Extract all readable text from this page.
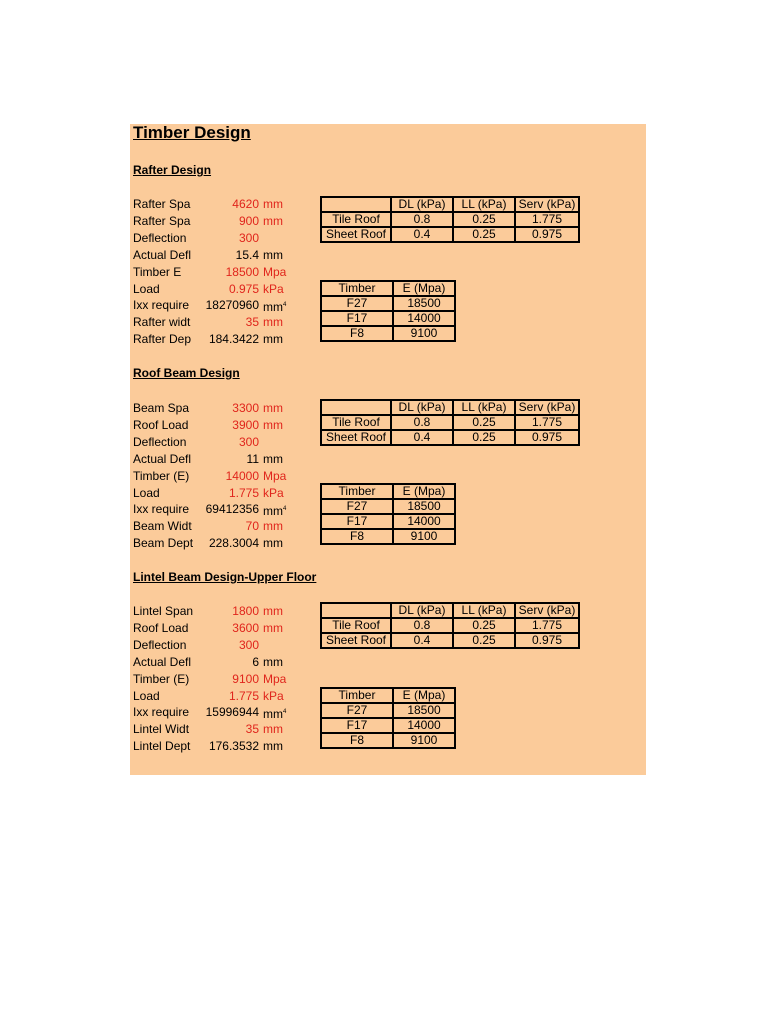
Timber Design
Rafter Design
Rafter Spa	4620 mm
Rafter Spa	900 mm
Deflection	300
Actual Defl	15.4 mm
Timber E	18500 Mpa
Load	0.975 kPa
Ixx require 18270960 $mm^4$
Rafter widt	35 mm
Rafter Dep 184.3422 mm
	DL (kPa)	LL (kPa)	Serv (kPa)
Tile Roof	0.8	0.25	1.775
Sheet Roof	0.4	0.25	0.975
Timber	E (Mpa)
F27	18500
F17	14000
F8	9100
Roof Beam Design
Beam Spa	3300 mm
Roof Load	3900 mm
Deflection	300
Actual Defl	11 mm
Timber (E)	14000 Mpa
Load	1.775 kPa
Ixx require 69412356 $mm^4$
Beam Widt	70 mm
Beam Dept 228.3004 mm
	DL (kPa)	LL (kPa)	Serv (kPa)
Tile Roof	0.8	0.25	1.775
Sheet Roof	0.4	0.25	0.975
Timber	E (Mpa)
F27	18500
F17	14000
F8	9100
Lintel Beam Design-Upper Floor
Lintel Span	1800 mm
Roof Load	3600 mm
Deflection	300
Actual Defl	6 mm
Timber (E)	9100 Mpa
Load	1.775 kPa
Ixx require 15996944 $mm^4$
Lintel Widt	35 mm
Lintel Dept 176.3532 mm
	DL (kPa)	LL (kPa)	Serv (kPa)
Tile Roof	0.8	0.25	1.775
Sheet Roof	0.4	0.25	0.975
Timber	E (Mpa)
F27	18500
F17	14000
F8	9100
